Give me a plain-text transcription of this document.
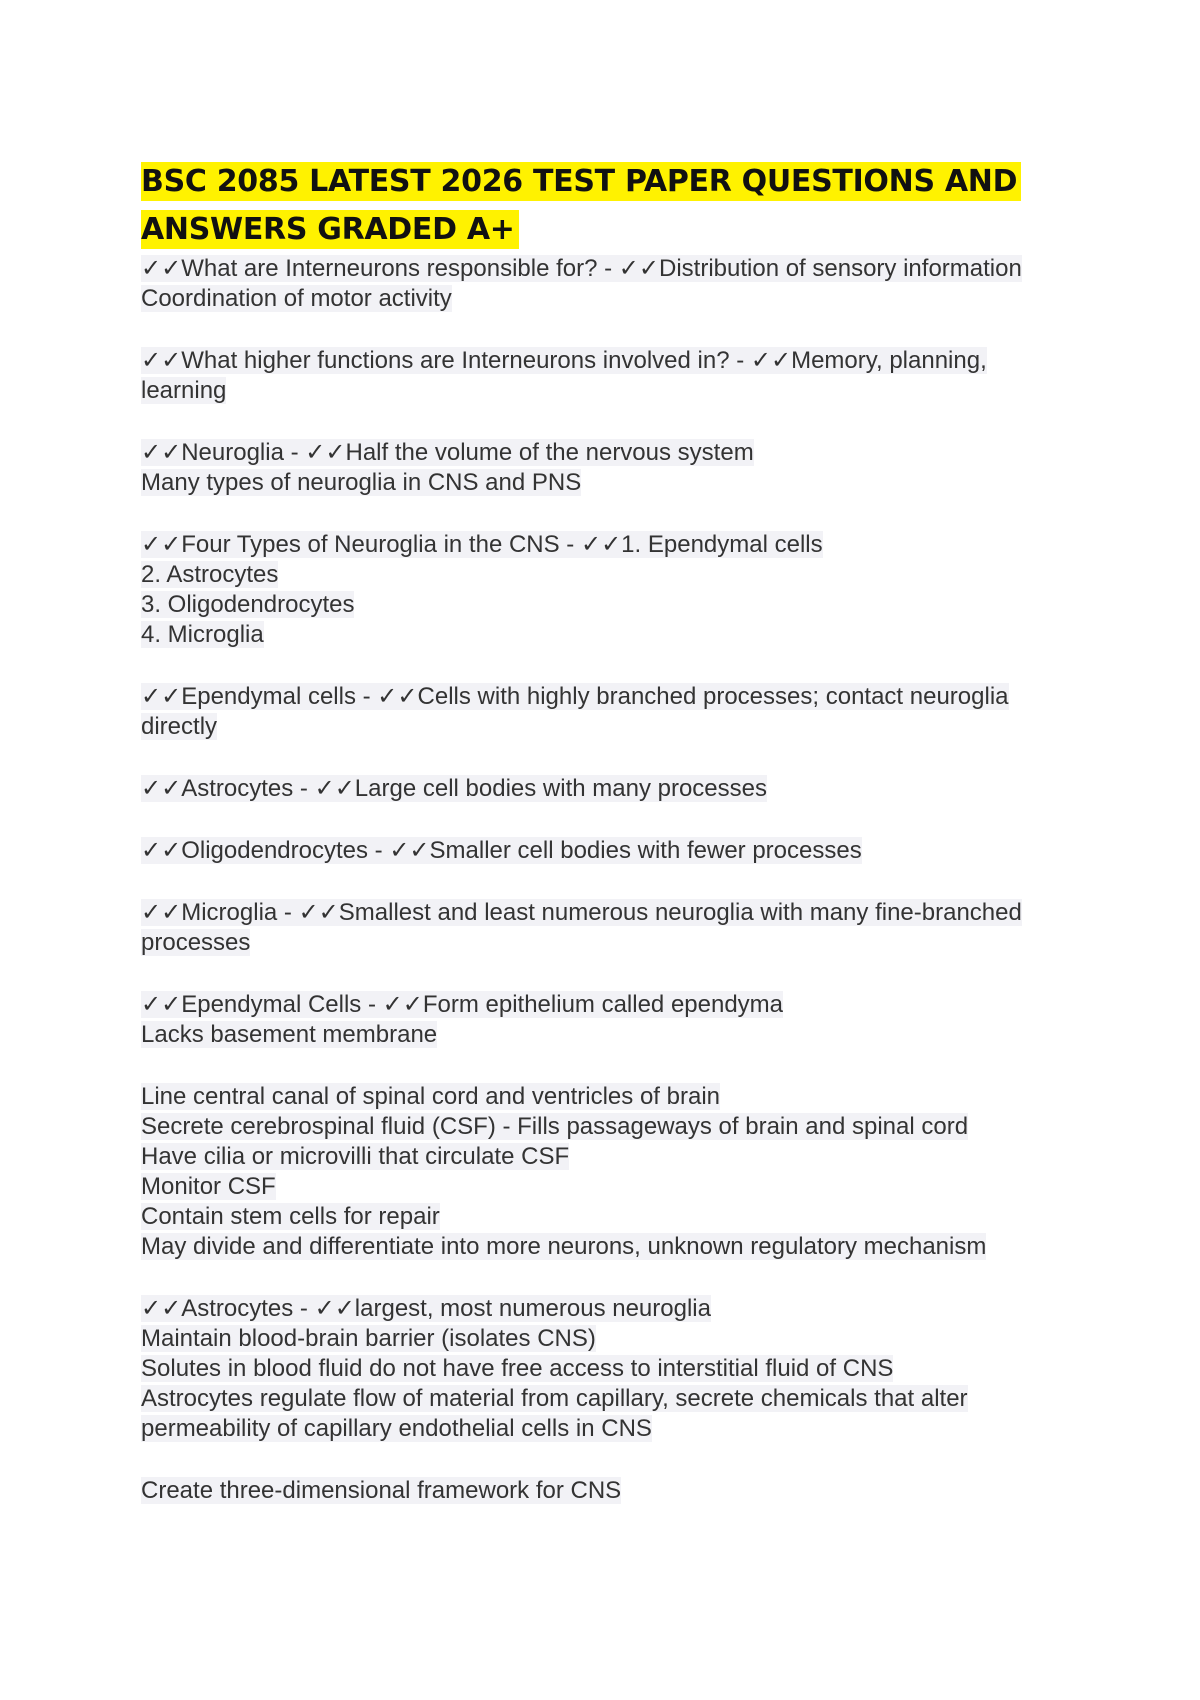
BSC 2085 LATEST 2026 TEST PAPER QUESTIONS AND
ANSWERS GRADED A+

✓✓What are Interneurons responsible for? - ✓✓Distribution of sensory information
Coordination of motor activity

✓✓What higher functions are Interneurons involved in? - ✓✓Memory, planning,
learning

✓✓Neuroglia - ✓✓Half the volume of the nervous system
Many types of neuroglia in CNS and PNS

✓✓Four Types of Neuroglia in the CNS - ✓✓1. Ependymal cells
2. Astrocytes
3. Oligodendrocytes
4. Microglia

✓✓Ependymal cells - ✓✓Cells with highly branched processes; contact neuroglia
directly

✓✓Astrocytes - ✓✓Large cell bodies with many processes

✓✓Oligodendrocytes - ✓✓Smaller cell bodies with fewer processes

✓✓Microglia - ✓✓Smallest and least numerous neuroglia with many fine-branched
processes

✓✓Ependymal Cells - ✓✓Form epithelium called ependyma
Lacks basement membrane

Line central canal of spinal cord and ventricles of brain
Secrete cerebrospinal fluid (CSF) - Fills passageways of brain and spinal cord
Have cilia or microvilli that circulate CSF
Monitor CSF
Contain stem cells for repair
May divide and differentiate into more neurons, unknown regulatory mechanism

✓✓Astrocytes - ✓✓largest, most numerous neuroglia
Maintain blood-brain barrier (isolates CNS)
Solutes in blood fluid do not have free access to interstitial fluid of CNS
Astrocytes regulate flow of material from capillary, secrete chemicals that alter
permeability of capillary endothelial cells in CNS

Create three-dimensional framework for CNS
